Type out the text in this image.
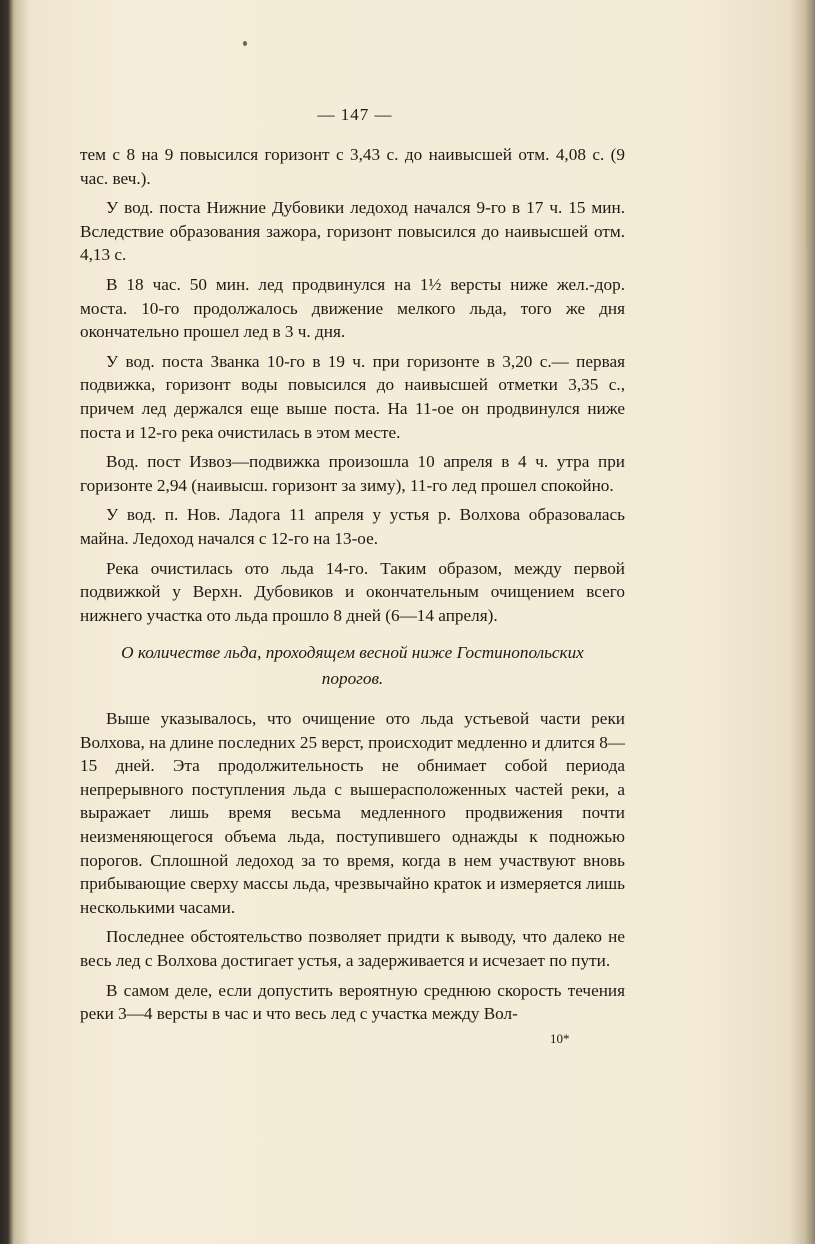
— 147 —

тем с 8 на 9 повысился горизонт с 3,43 с. до наивысшей отм. 4,08 с. (9 час. веч.).

У вод. поста Нижние Дубовики ледоход начался 9-го в 17 ч. 15 мин. Вследствие образования зажора, горизонт повысился до наивысшей отм. 4,13 с.

В 18 час. 50 мин. лед продвинулся на 1½ версты ниже жел.-дор. моста. 10-го продолжалось движение мелкого льда, того же дня окончательно прошел лед в 3 ч. дня.

У вод. поста Званка 10-го в 19 ч. при горизонте в 3,20 с.— первая подвижка, горизонт воды повысился до наивысшей отметки 3,35 с., причем лед держался еще выше поста. На 11-ое он продвинулся ниже поста и 12-го река очистилась в этом месте.

Вод. пост Извоз—подвижка произошла 10 апреля в 4 ч. утра при горизонте 2,94 (наивысш. горизонт за зиму), 11-го лед прошел спокойно.

У вод. п. Нов. Ладога 11 апреля у устья р. Волхова образовалась майна. Ледоход начался с 12-го на 13-ое.

Река очистилась ото льда 14-го. Таким образом, между первой подвижкой у Верхн. Дубовиков и окончательным очищением всего нижнего участка ото льда прошло 8 дней (6—14 апреля).

О количестве льда, проходящем весной ниже Гостинопольских
порогов.

Выше указывалось, что очищение ото льда устьевой части реки Волхова, на длине последних 25 верст, происходит медленно и длится 8—15 дней. Эта продолжительность не обнимает собой периода непрерывного поступления льда с вышерасположенных частей реки, а выражает лишь время весьма медленного продвижения почти неизменяющегося объема льда, поступившего однажды к подножью порогов. Сплошной ледоход за то время, когда в нем участвуют вновь прибывающие сверху массы льда, чрезвычайно краток и измеряется лишь несколькими часами.

Последнее обстоятельство позволяет придти к выводу, что далеко не весь лед с Волхова достигает устья, а задерживается и исчезает по пути.

В самом деле, если допустить вероятную среднюю скорость течения реки 3—4 версты в час и что весь лед с участка между Вол-

10*
